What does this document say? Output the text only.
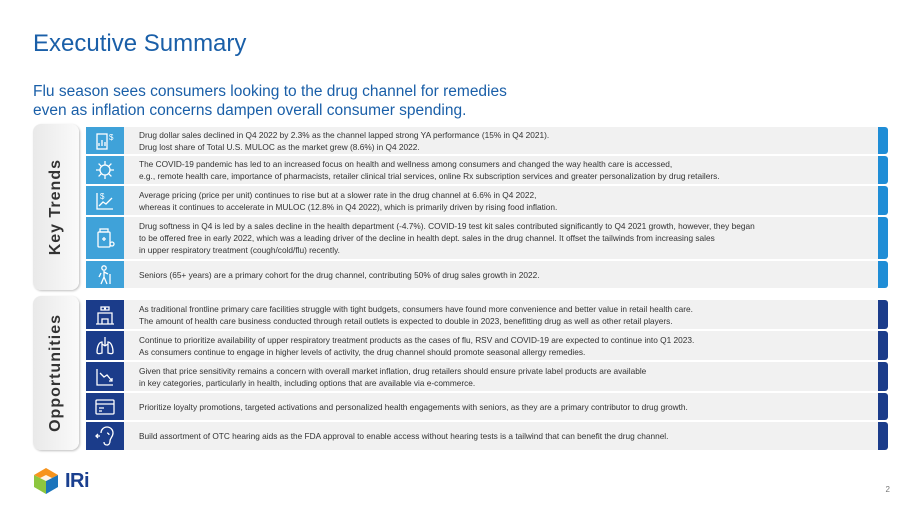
Executive Summary
Flu season sees consumers looking to the drug channel for remedies
even as inflation concerns dampen overall consumer spending.
Key Trends
$	Drug dollar sales declined in Q4 2022 by 2.3% as the channel lapped strong YA performance (15% in Q4 2021).
Drug lost share of Total U.S. MULOC as the market grew (8.6%) in Q4 2022.
The COVID-19 pandemic has led to an increased focus on health and wellness among consumers and changed the way health care is accessed,
e.g., remote health care, importance of pharmacists, retailer clinical trial services, online Rx subscription services and greater personalization by drug retailers.
$	Average pricing (price per unit) continues to rise but at a slower rate in the drug channel at 6.6% in Q4 2022,
whereas it continues to accelerate in MULOC (12.8% in Q4 2022), which is primarily driven by rising food inflation.
Drug softness in Q4 is led by a sales decline in the health department (-4.7%). COVID-19 test kit sales contributed significantly to Q4 2021 growth, however, they began
to be offered free in early 2022, which was a leading driver of the decline in health dept. sales in the drug channel. It offset the tailwinds from increasing sales
in upper respiratory treatment (cough/cold/flu) recently.
Seniors (65+ years) are a primary cohort for the drug channel, contributing 50% of drug sales growth in 2022.
Opportunities
As traditional frontline primary care facilities struggle with tight budgets, consumers have found more convenience and better value in retail health care.
The amount of health care business conducted through retail outlets is expected to double in 2023, benefitting drug as well as other retail players.
Continue to prioritize availability of upper respiratory treatment products as the cases of flu, RSV and COVID-19 are expected to continue into Q1 2023.
As consumers continue to engage in higher levels of activity, the drug channel should promote seasonal allergy remedies.
Given that price sensitivity remains a concern with overall market inflation, drug retailers should ensure private label products are available
in key categories, particularly in health, including options that are available via e-commerce.
Prioritize loyalty promotions, targeted activations and personalized health engagements with seniors, as they are a primary contributor to drug growth.
Build assortment of OTC hearing aids as the FDA approval to enable access without hearing tests is a tailwind that can benefit the drug channel.
IRi	2
